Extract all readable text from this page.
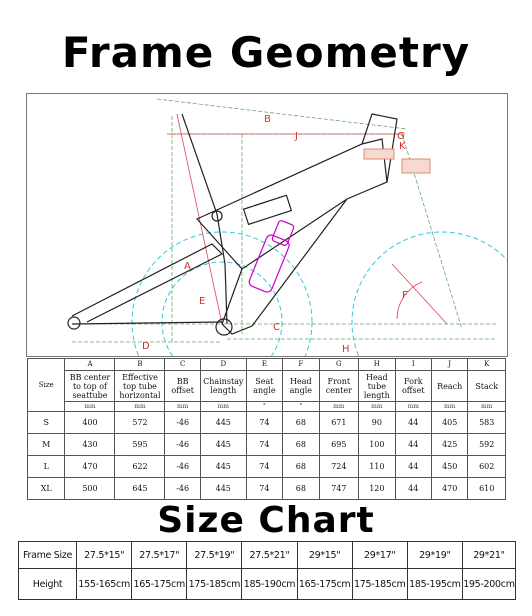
Frame Geometry
B
J	G
K
A
E
C
F
D	H
Size	A	B	C	D	E	F	G	H	I	J	K
	BB center to top of seattube	Effective top tube horizontal	BB offset	Chainstay length	Seat angle	Head angle	Front center	Head tube length	Fork offset	Reach	Stack
	mm	mm	mm	mm	°	°	mm	mm	mm	mm	mm
S	400	572	-46	445	74	68	671	90	44	405	583
M	430	595	-46	445	74	68	695	100	44	425	592
L	470	622	-46	445	74	68	724	110	44	450	602
XL	500	645	-46	445	74	68	747	120	44	470	610
Size Chart
Frame Size	27.5*15"	27.5*17"	27.5*19"	27.5*21"	29*15"	29*17"	29*19"	29*21"
Height	155-165cm	165-175cm	175-185cm	185-190cm	165-175cm	175-185cm	185-195cm	195-200cm
